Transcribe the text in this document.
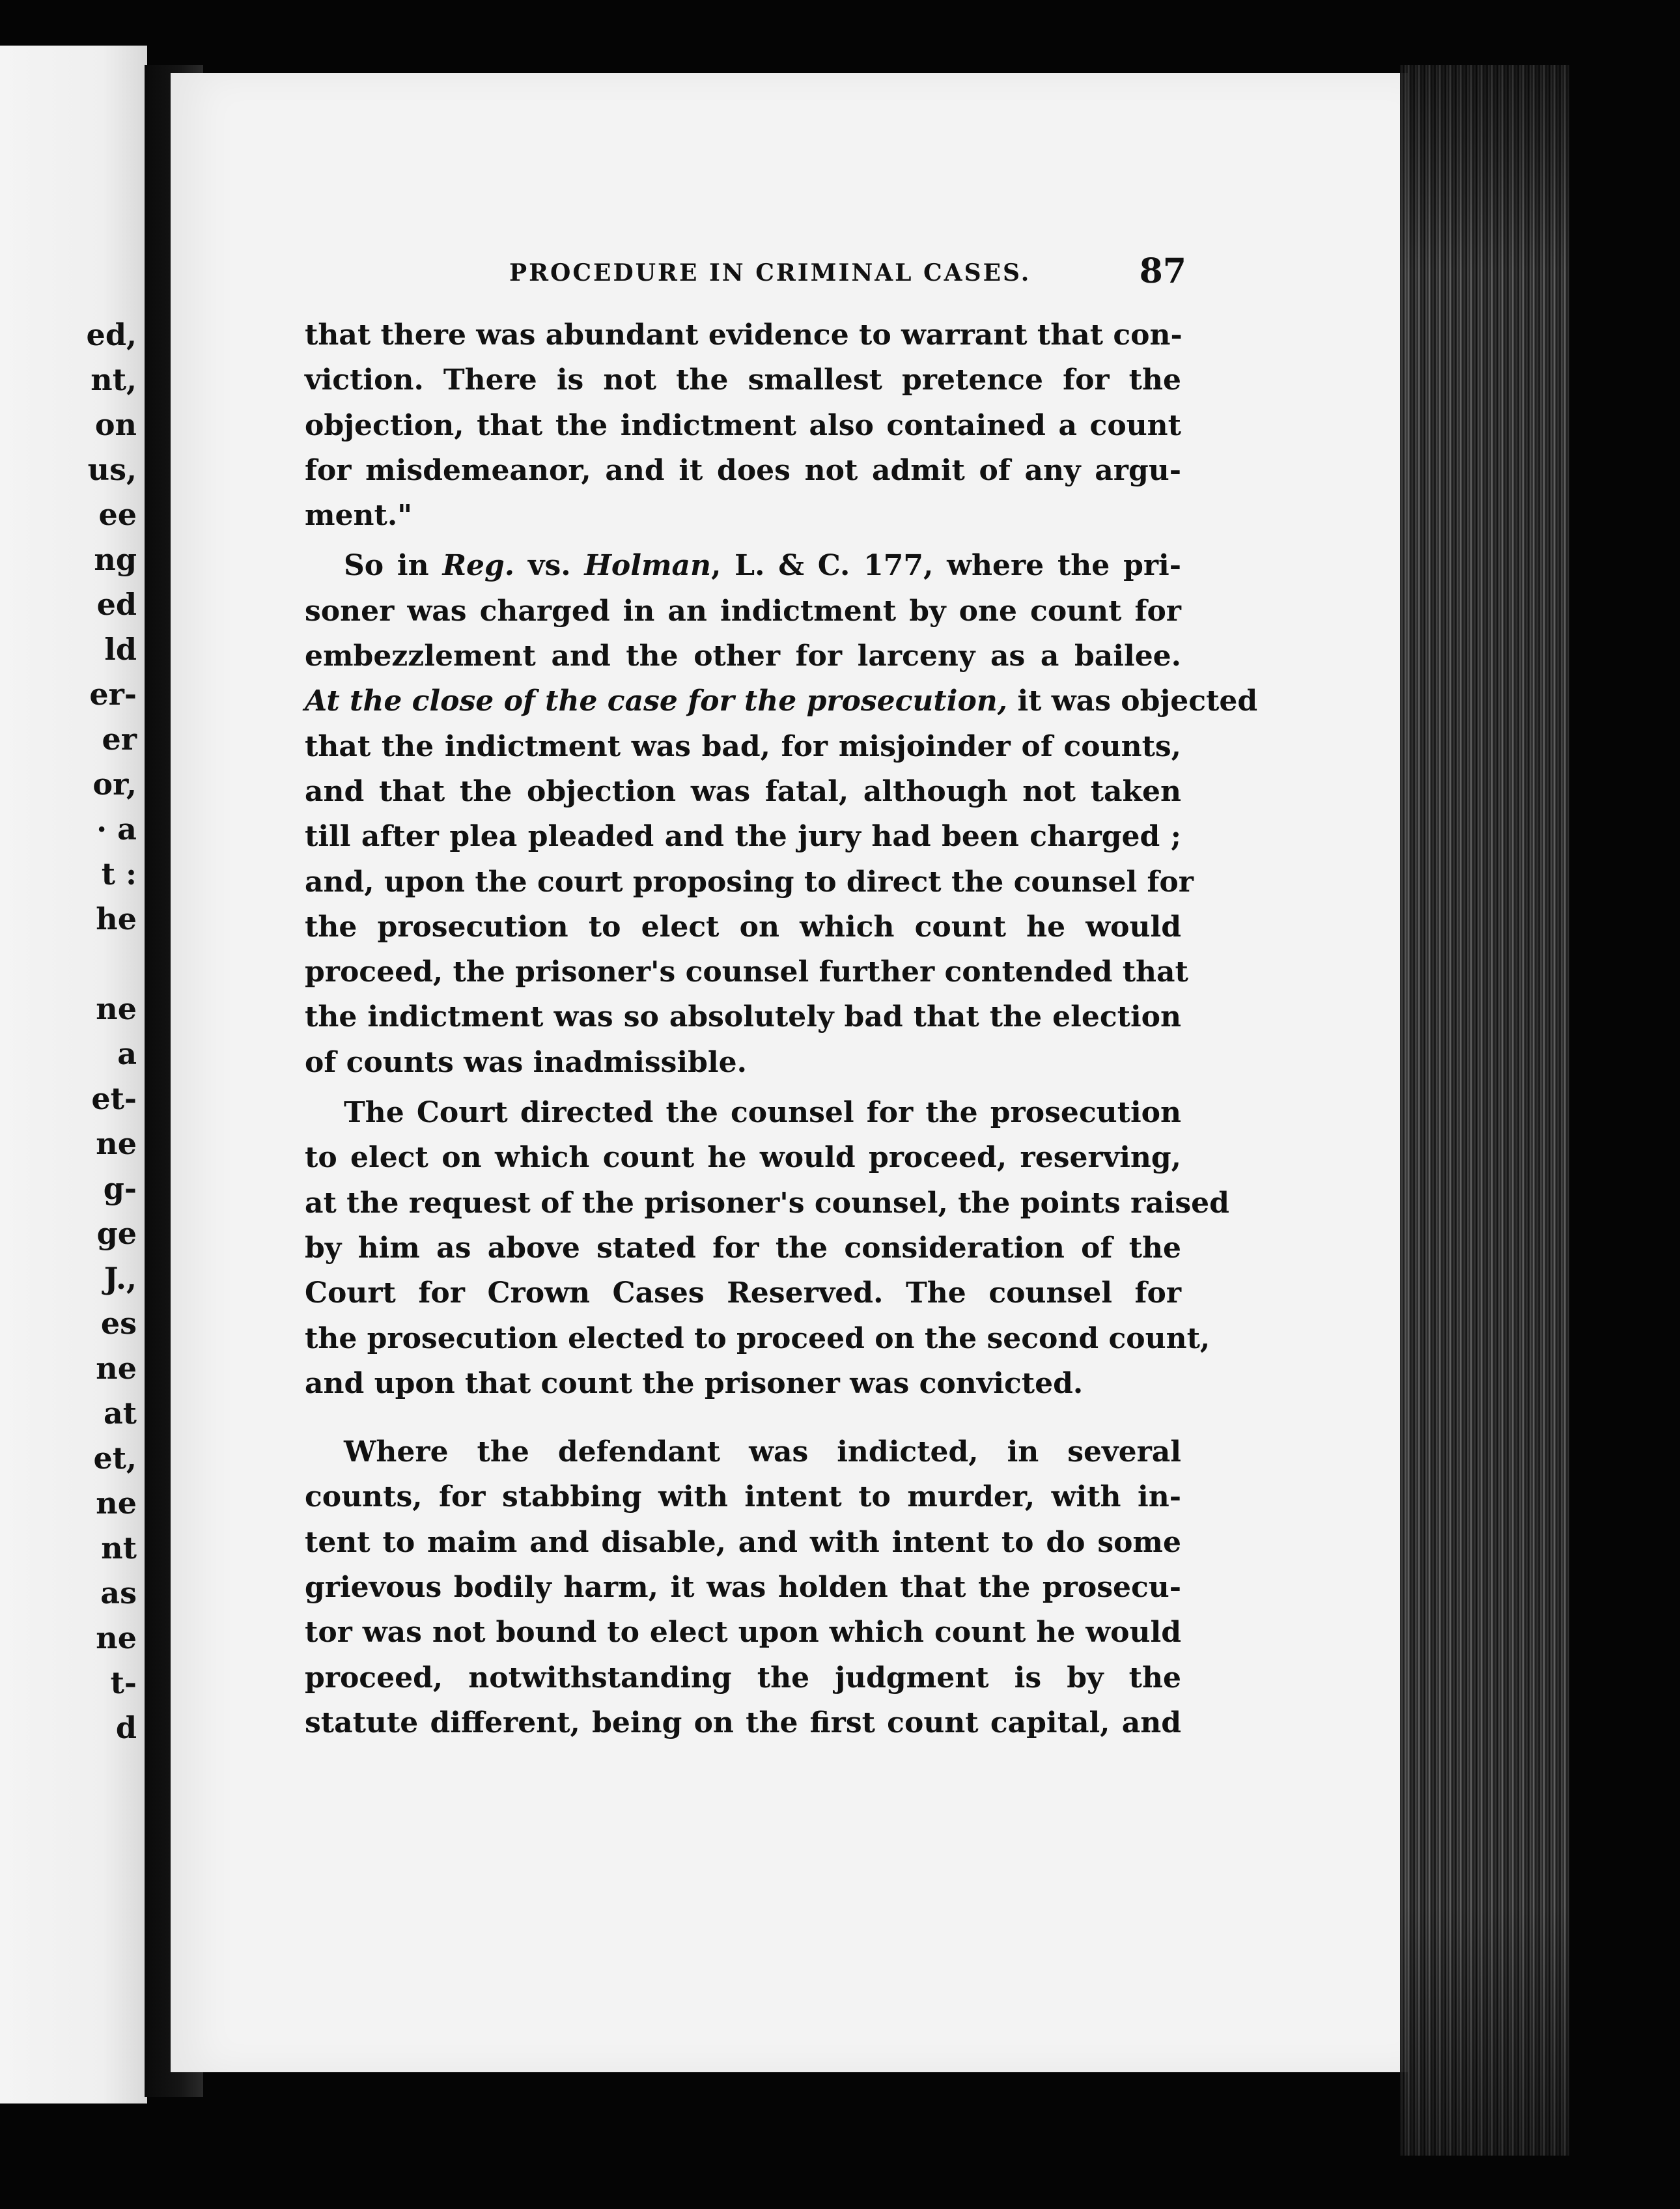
ed,
nt,
on
us,
ee
ng
ed
ld
er-
er
or,
· a
t :
he
ne
a
et-
ne
g-
ge
J.,
es
ne
at
et,
ne
nt
as
ne
t-
d
PROCEDURE IN CRIMINAL CASES.	87
that there was abundant evidence to warrant that con-
viction. There is not the smallest pretence for the
objection, that the indictment also contained a count
for misdemeanor, and it does not admit of any argu-
ment."
So in Reg. vs. Holman, L. & C. 177, where the pri-
soner was charged in an indictment by one count for
embezzlement and the other for larceny as a bailee.
At the close of the case for the prosecution, it was objected
that the indictment was bad, for misjoinder of counts,
and that the objection was fatal, although not taken
till after plea pleaded and the jury had been charged ;
and, upon the court proposing to direct the counsel for
the prosecution to elect on which count he would
proceed, the prisoner's counsel further contended that
the indictment was so absolutely bad that the election
of counts was inadmissible.
The Court directed the counsel for the prosecution
to elect on which count he would proceed, reserving,
at the request of the prisoner's counsel, the points raised
by him as above stated for the consideration of the
Court for Crown Cases Reserved. The counsel for
the prosecution elected to proceed on the second count,
and upon that count the prisoner was convicted.
Where the defendant was indicted, in several
counts, for stabbing with intent to murder, with in-
tent to maim and disable, and with intent to do some
grievous bodily harm, it was holden that the prosecu-
tor was not bound to elect upon which count he would
proceed, notwithstanding the judgment is by the
statute different, being on the first count capital, and
